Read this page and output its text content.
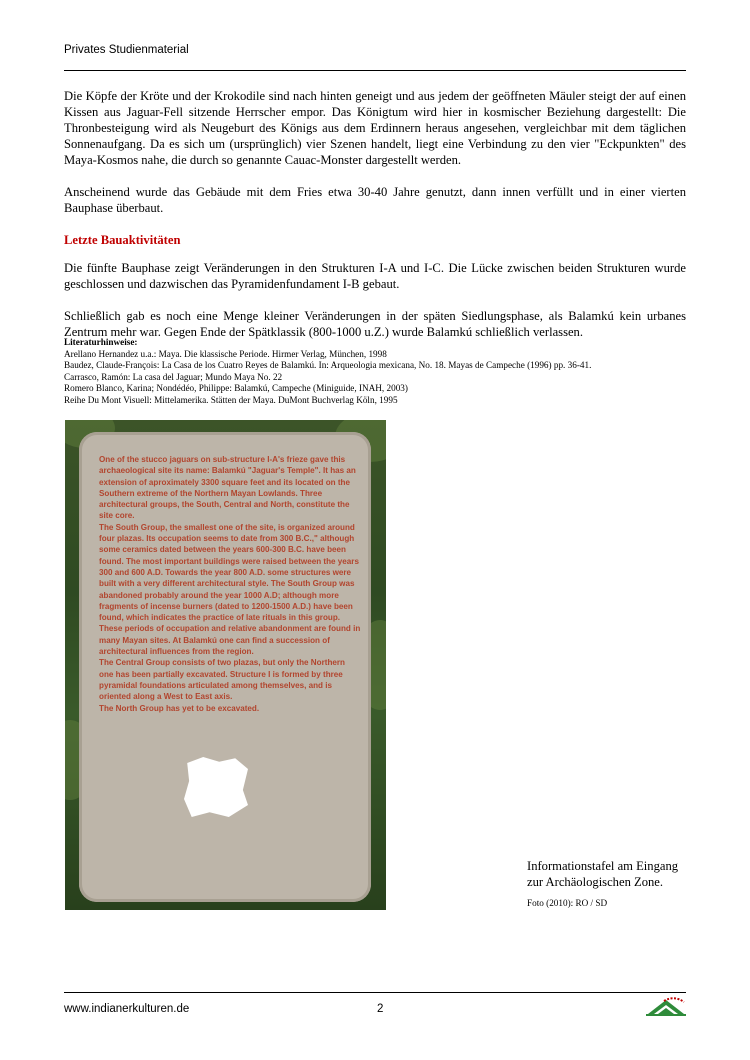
Privates Studienmaterial

Die Köpfe der Kröte und der Krokodile sind nach hinten geneigt und aus jedem der geöffneten Mäuler steigt der auf einen Kissen aus Jaguar-Fell sitzende Herrscher empor. Das Königtum wird hier in kosmischer Beziehung dargestellt: Die Thronbesteigung wird als Neugeburt des Königs aus dem Erdinnern heraus angesehen, vergleichbar mit dem täglichen Sonnenaufgang. Da es sich um (ursprünglich) vier Szenen handelt, liegt eine Verbindung zu den vier "Eckpunkten" des Maya-Kosmos nahe, die durch so genannte Cauac-Monster dargestellt werden.

Anscheinend wurde das Gebäude mit dem Fries etwa 30-40 Jahre genutzt, dann innen verfüllt und in einer vierten Bauphase überbaut.

Letzte Bauaktivitäten

Die fünfte Bauphase zeigt Veränderungen in den Strukturen I-A und I-C. Die Lücke zwischen beiden Strukturen wurde geschlossen und dazwischen das Pyramidenfundament I-B gebaut.

Schließlich gab es noch eine Menge kleiner Veränderungen in der späten Siedlungsphase, als Balamkú kein urbanes Zentrum mehr war. Gegen Ende der Spätklassik (800-1000 u.Z.) wurde Balamkú schließlich verlassen.

Literaturhinweise:
Arellano Hernandez u.a.: Maya. Die klassische Periode. Hirmer Verlag, München, 1998
Baudez, Claude-François: La Casa de los Cuatro Reyes de Balamkú. In: Arqueologia mexicana, No. 18. Mayas de Campeche (1996) pp. 36-41.
Carrasco, Ramón: La casa del Jaguar; Mundo Maya No. 22
Romero Blanco, Karina; Nondédéo, Philippe: Balamkú, Campeche (Miniguide, INAH, 2003)
Reihe Du Mont Visuell: Mittelamerika. Stätten der Maya. DuMont Buchverlag Köln, 1995

One of the stucco jaguars on sub-structure I-A's frieze gave this archaeological site its name: Balamkú "Jaguar's Temple". It has an extension of aproximately 3300 square feet and its located on the Southern extreme of the Northern Mayan Lowlands. Three architectural groups, the South, Central and North, constitute the site core.

The South Group, the smallest one of the site, is organized around four plazas. Its occupation seems to date from 300 B.C.," although some ceramics dated between the years 600-300 B.C. have been found. The most important buildings were raised between the years 300 and 600 A.D. Towards the year 800 A.D. some structures were built with a very different architectural style. The South Group was abandoned probably around the year 1000 A.D; although more fragments of incense burners (dated to 1200-1500 A.D.) have been found, which indicates the practice of late rituals in this group.

These periods of occupation and relative abandonment are found in many Mayan sites. At Balamkú one can find a succession of architectural influences from the region.

The Central Group consists of two plazas, but only the Northern one has been partially excavated. Structure I is formed by three pyramidal foundations articulated among themselves, and is oriented along a West to East axis.

The North Group has yet to be excavated.

Informationstafel am Eingang
zur Archäologischen Zone.
Foto (2010): RO / SD
www.indianerkulturen.de	2
